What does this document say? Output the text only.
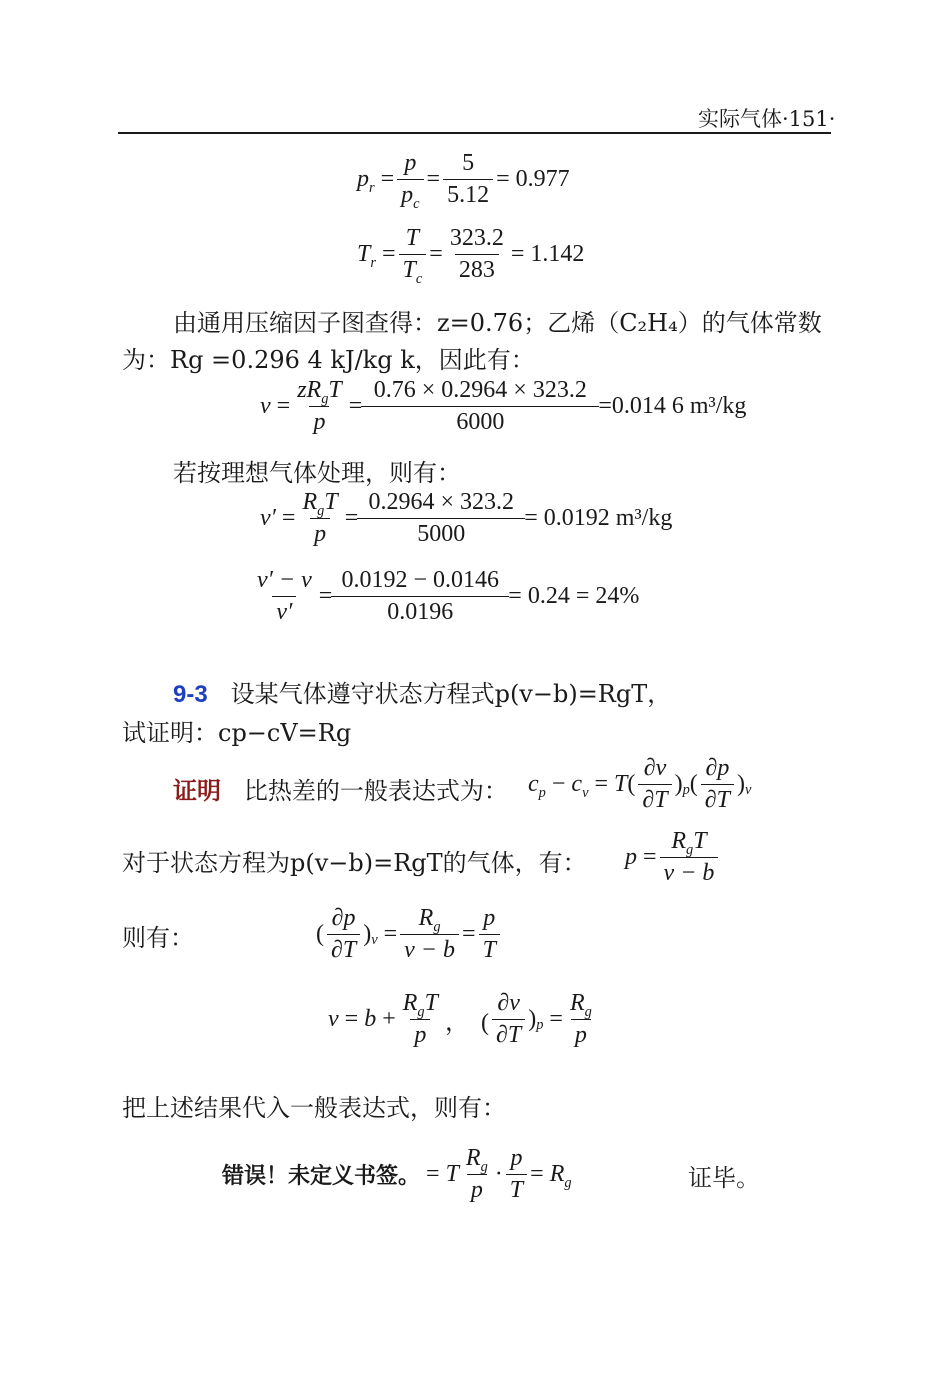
实际气体·151·
$p_r = \frac{p}{p_c} = \frac{5}{5.12} = 0.977$
$T_r = \frac{T}{T_c} = \frac{323.2}{283} = 1.142$
由通用压缩因子图查得：z=0.76；乙烯（C₂H₄）的气体常数
为：Rg =0.296 4 kJ/kg k，因此有：
$v = \frac{zR_gT}{p} = \frac{0.76 \times 0.2964 \times 323.2}{6000} =0.014$ 6 m³/kg
若按理想气体处理，则有：
$v' = \frac{R_gT}{p} = \frac{0.2964 \times 323.2}{5000} = 0.0192$ m³/kg
$\frac{v' - v}{v'} = \frac{0.0192 - 0.0146}{0.0196} = 0.24 = 24\%$
9-3 设某气体遵守状态方程式p(v−b)=RgT，
试证明：cp−cV=Rg
证明 比热差的一般表达式为： $c_p - c_v = T$ ( $\frac{\partial v}{\partial T}$ ) p ( $\frac{\partial p}{\partial T}$ ) v
对于状态方程为p(v−b)=RgT的气体，有： $p = \frac{R_gT}{v - b}$
则有：	( $\frac{\partial p}{\partial T}$ ) $v = \frac{R_g}{v - b} = \frac{p}{T}$
$v = b + \frac{R_gT}{p}$ ，  ( $\frac{\partial v}{\partial T}$ ) $p = \frac{R_g}{p}$
把上述结果代入一般表达式，则有：
错误！未定义书签。 = T $\frac{R_g}{p} \cdot \frac{p}{T} = R_g$	证毕。
